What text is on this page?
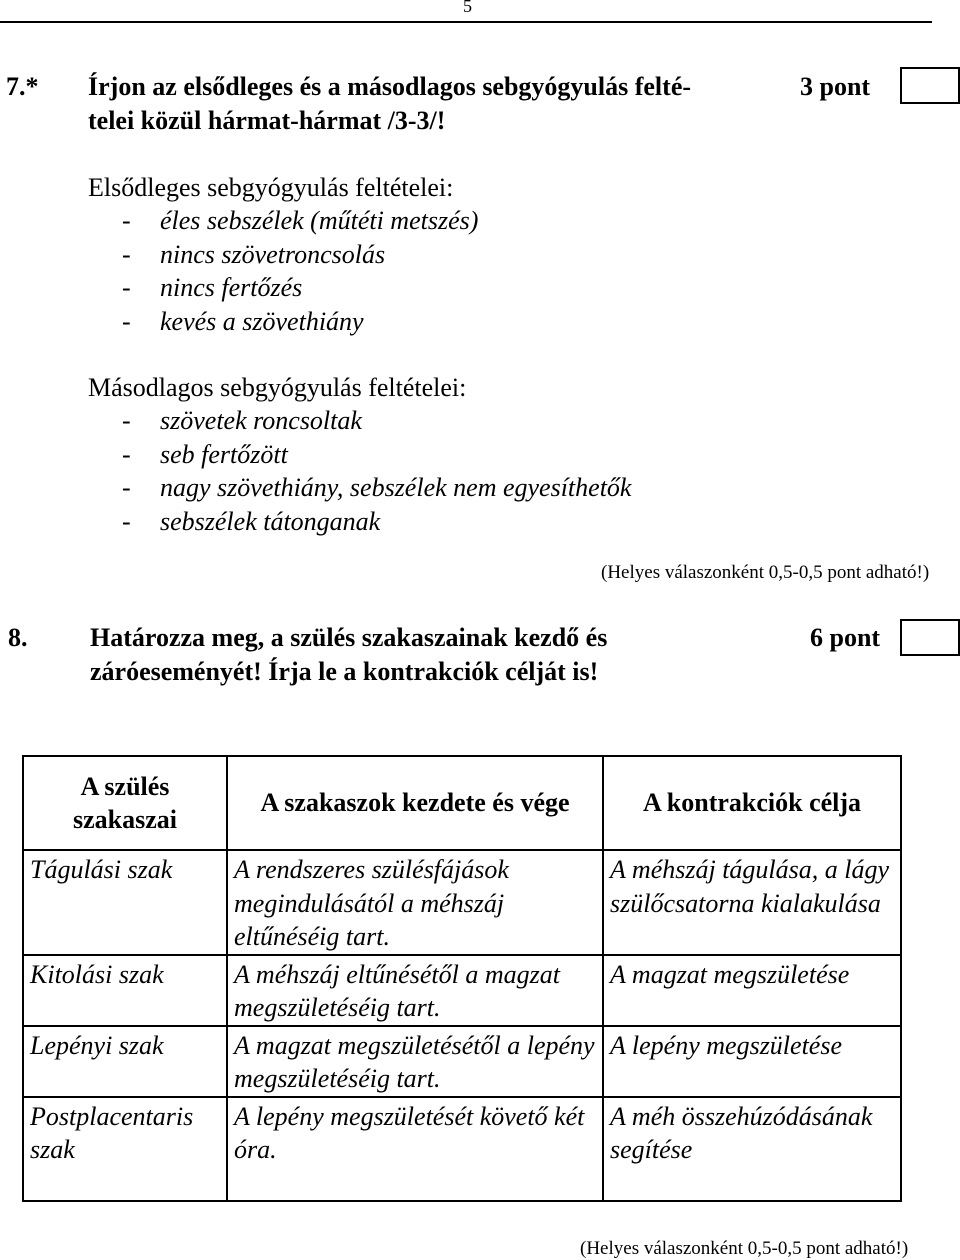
5
7.* Írjon az elsődleges és a másodlagos sebgyógyulás felté-
telei közül hármat-hármat /3-3/!
3 pont
Elsődleges sebgyógyulás feltételei:
- éles sebszélek (műtéti metszés)
- nincs szövetroncsolás
- nincs fertőzés
- kevés a szövethiány
Másodlagos sebgyógyulás feltételei:
- szövetek roncsoltak
- seb fertőzött
- nagy szövethiány, sebszélek nem egyesíthetők
- sebszélek tátonganak
(Helyes válaszonként 0,5-0,5 pont adható!)
8. Határozza meg, a szülés szakaszainak kezdő és
záróeseményét! Írja le a kontrakciók célját is!
6 pont
A szülés szakaszai	A szakaszok kezdete és vége	A kontrakciók célja
Tágulási szak	A rendszeres szülésfájások megindulásától a méhszáj eltűnéséig tart.	A méhszáj tágulása, a lágy szülőcsatorna kialakulása
Kitolási szak	A méhszáj eltűnésétől a magzat megszületéséig tart.	A magzat megszületése
Lepényi szak	A magzat megszületésétől a lepény megszületéséig tart.	A lepény megszületése
Postplacentaris szak	A lepény megszületését követő két óra.	A méh összehúzódásának segítése
(Helyes válaszonként 0,5-0,5 pont adható!)
